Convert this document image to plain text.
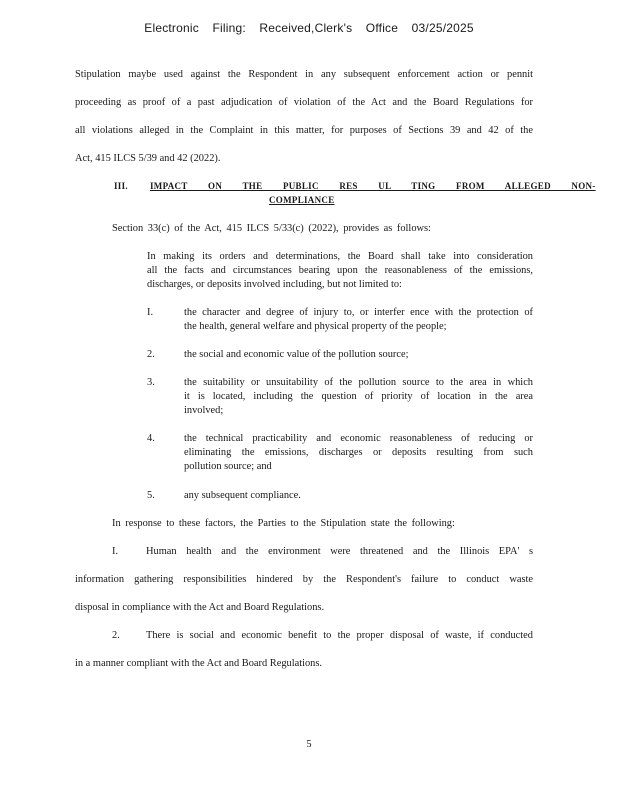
Electronic Filing: Received,Clerk's Office 03/25/2025
Stipulation maybe used against the Respondent in any subsequent enforcement action or pennit
proceeding as proof of a past adjudication of violation of the Act and the Board Regulations for
all violations alleged in the Complaint in this matter, for purposes of Sections 39 and 42 of the
Act, 415 ILCS 5/39 and 42 (2022).
III. IMPACT ON THE PUBLIC RES UL TING FROM ALLEGED NON-
COMPLIANCE
Section 33(c) of the Act, 415 ILCS 5/33(c) (2022), provides as follows:
In making its orders and determinations, the Board shall take into consideration
all the facts and circumstances bearing upon the reasonableness of the emissions,
discharges, or deposits involved including, but not limited to:
I.	the character and degree of injury to, or interfer ence with the protection of
the health, general welfare and physical property of the people;
2.	the social and economic value of the pollution source;
3.	the suitability or unsuitability of the pollution source to the area in which
it is located, including the question of priority of location in the area
involved;
4.	the technical practicability and economic reasonableness of reducing or
eliminating the emissions, discharges or deposits resulting from such
pollution source; and
5.	any subsequent compliance.
In response to these factors, the Parties to the Stipulation state the following:
I.	Human health and the environment were threatened and the Illinois EPA' s
information gathering responsibilities hindered by the Respondent's failure to conduct waste
disposal in compliance with the Act and Board Regulations.
2.	There is social and economic benefit to the proper disposal of waste, if conducted
in a manner compliant with the Act and Board Regulations.
5
